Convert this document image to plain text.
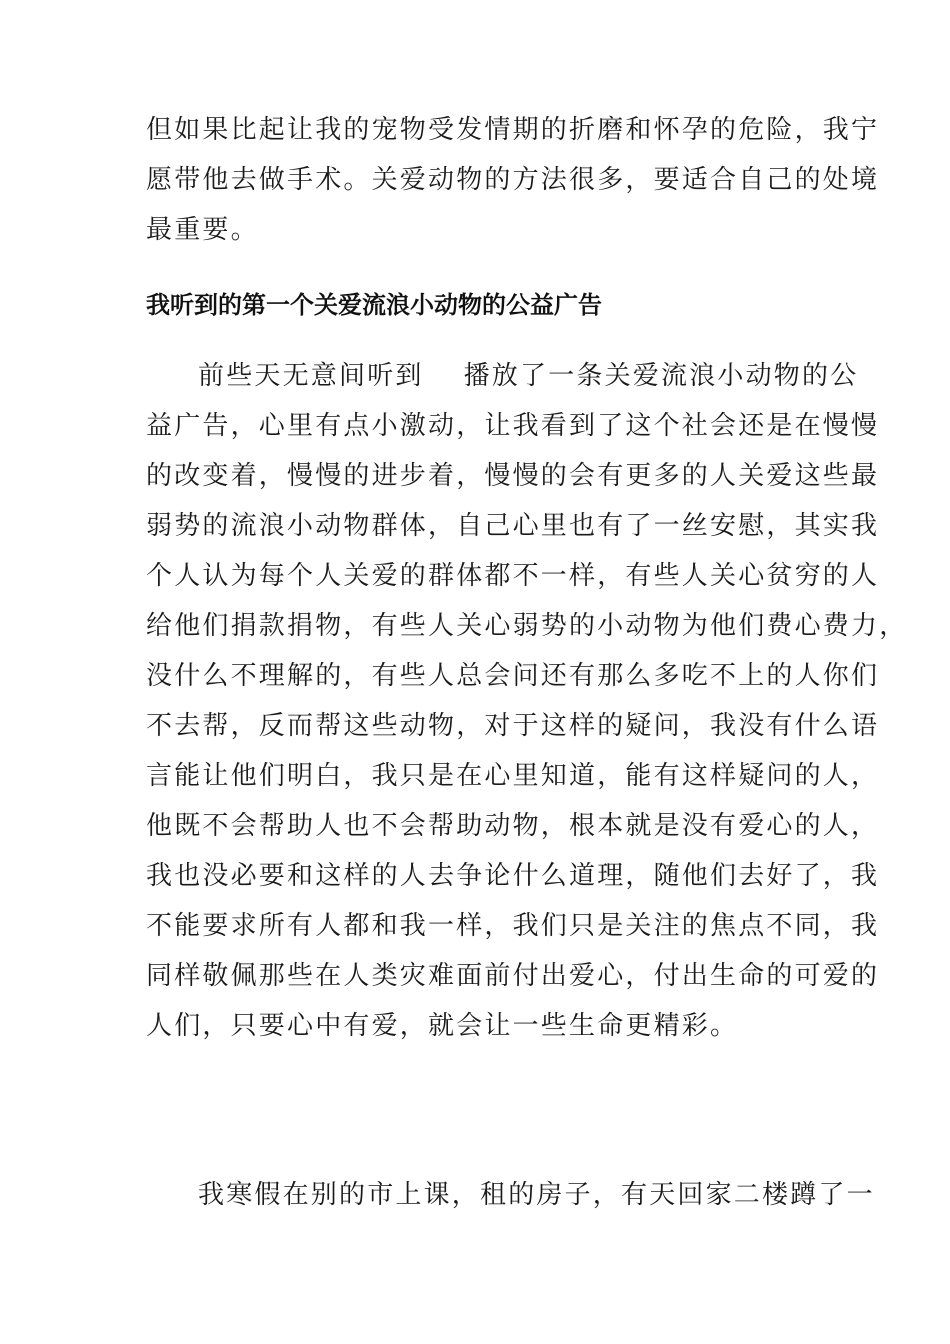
但如果比起让我的宠物受发情期的折磨和怀孕的危险，我宁
愿带他去做手术。关爱动物的方法很多，要适合自己的处境
最重要。
我听到的第一个关爱流浪小动物的公益广告
前些天无意间听到 播放了一条关爱流浪小动物的公
益广告，心里有点小激动，让我看到了这个社会还是在慢慢
的改变着，慢慢的进步着，慢慢的会有更多的人关爱这些最
弱势的流浪小动物群体，自己心里也有了一丝安慰，其实我
个人认为每个人关爱的群体都不一样，有些人关心贫穷的人
给他们捐款捐物，有些人关心弱势的小动物为他们费心费力，
没什么不理解的，有些人总会问还有那么多吃不上的人你们
不去帮，反而帮这些动物，对于这样的疑问，我没有什么语
言能让他们明白，我只是在心里知道，能有这样疑问的人，
他既不会帮助人也不会帮助动物，根本就是没有爱心的人，
我也没必要和这样的人去争论什么道理，随他们去好了，我
不能要求所有人都和我一样，我们只是关注的焦点不同，我
同样敬佩那些在人类灾难面前付出爱心，付出生命的可爱的
人们，只要心中有爱，就会让一些生命更精彩。
我寒假在别的市上课，租的房子，有天回家二楼蹲了一
